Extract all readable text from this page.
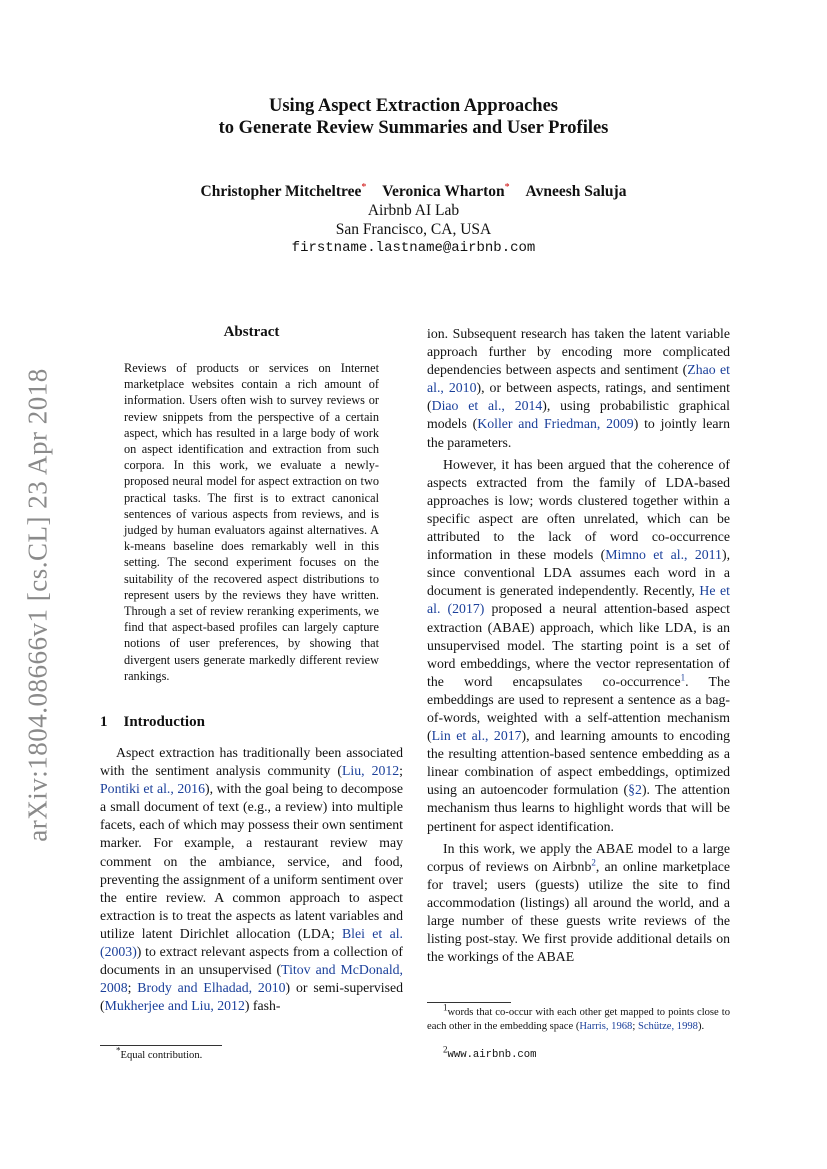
arXiv:1804.08666v1 [cs.CL] 23 Apr 2018
Using Aspect Extraction Approaches
to Generate Review Summaries and User Profiles
Christopher Mitcheltree* Veronica Wharton* Avneesh Saluja
Airbnb AI Lab
San Francisco, CA, USA
firstname.lastname@airbnb.com
Abstract
Reviews of products or services on Internet marketplace websites contain a rich amount of information. Users often wish to survey reviews or review snippets from the perspective of a certain aspect, which has resulted in a large body of work on aspect identification and extraction from such corpora. In this work, we evaluate a newly-proposed neural model for aspect extraction on two practical tasks. The first is to extract canonical sentences of various aspects from reviews, and is judged by human evaluators against alternatives. A k-means baseline does remarkably well in this setting. The second experiment focuses on the suitability of the recovered aspect distributions to represent users by the reviews they have written. Through a set of review reranking experiments, we find that aspect-based profiles can largely capture notions of user preferences, by showing that divergent users generate markedly different review rankings.
1 Introduction

Aspect extraction has traditionally been associated with the sentiment analysis community (Liu, 2012; Pontiki et al., 2016), with the goal being to decompose a small document of text (e.g., a review) into multiple facets, each of which may possess their own sentiment marker. For example, a restaurant review may comment on the ambiance, service, and food, preventing the assignment of a uniform sentiment over the entire review. A common approach to aspect extraction is to treat the aspects as latent variables and utilize latent Dirichlet allocation (LDA; Blei et al. (2003)) to extract relevant aspects from a collection of documents in an unsupervised (Titov and McDonald, 2008; Brody and Elhadad, 2010) or semi-supervised (Mukherjee and Liu, 2012) fash-

ion. Subsequent research has taken the latent variable approach further by encoding more complicated dependencies between aspects and sentiment (Zhao et al., 2010), or between aspects, ratings, and sentiment (Diao et al., 2014), using probabilistic graphical models (Koller and Friedman, 2009) to jointly learn the parameters.

However, it has been argued that the coherence of aspects extracted from the family of LDA-based approaches is low; words clustered together within a specific aspect are often unrelated, which can be attributed to the lack of word co-occurrence information in these models (Mimno et al., 2011), since conventional LDA assumes each word in a document is generated independently. Recently, He et al. (2017) proposed a neural attention-based aspect extraction (ABAE) approach, which like LDA, is an unsupervised model. The starting point is a set of word embeddings, where the vector representation of the word encapsulates co-occurrence$^1$. The embeddings are used to represent a sentence as a bag-of-words, weighted with a self-attention mechanism (Lin et al., 2017), and learning amounts to encoding the resulting attention-based sentence embedding as a linear combination of aspect embeddings, optimized using an autoencoder formulation (§2). The attention mechanism thus learns to highlight words that will be pertinent for aspect identification.

In this work, we apply the ABAE model to a large corpus of reviews on Airbnb$^2$, an online marketplace for travel; users (guests) utilize the site to find accommodation (listings) all around the world, and a large number of these guests write reviews of the listing post-stay. We first provide additional details on the workings of the ABAE

*Equal contribution.
$^1$words that co-occur with each other get mapped to points close to each other in the embedding space (Harris, 1968; Schütze, 1998).
$^2$www.airbnb.com
